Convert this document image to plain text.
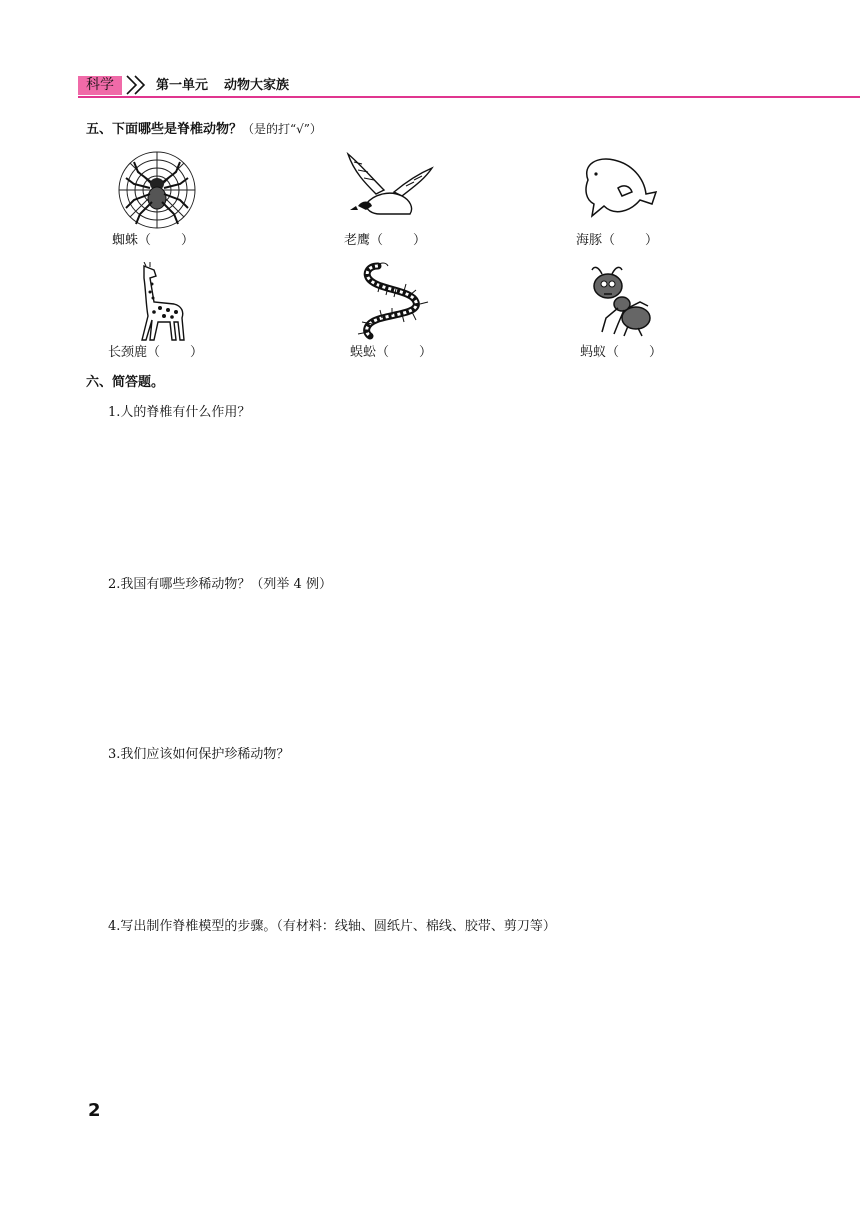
科学	第一单元 动物大家族
五、下面哪些是脊椎动物？（是的打“√”）
蜘蛛（ ）	老鹰（ ）	海豚（ ）
长颈鹿（ ）	蜈蚣（ ）	蚂蚁（ ）
六、简答题。
1.人的脊椎有什么作用？
2.我国有哪些珍稀动物？（列举 4 例）
3.我们应该如何保护珍稀动物？
4.写出制作脊椎模型的步骤。（有材料：线轴、圆纸片、棉线、胶带、剪刀等）
2
